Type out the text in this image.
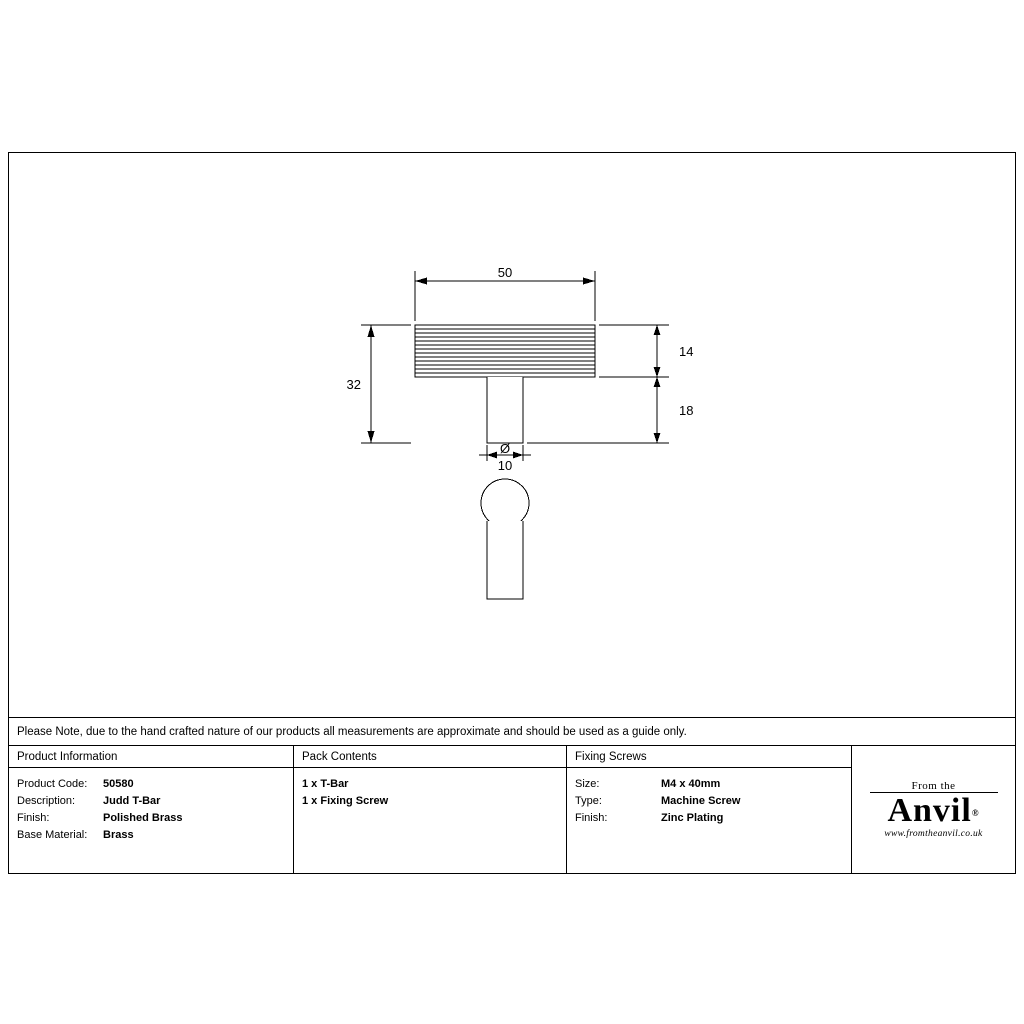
50
32
14
18
Ø
10
Please Note, due to the hand crafted nature of our products all measurements are approximate and should be used as a guide only.
Product Information
Product Code:	50580
Description:	Judd T-Bar
Finish:	Polished Brass
Base Material:	Brass
Pack Contents
1 x T-Bar
1 x Fixing Screw
Fixing Screws
Size:	M4 x 40mm
Type:	Machine Screw
Finish:	Zinc Plating
From the
Anvil®
www.fromtheanvil.co.uk
